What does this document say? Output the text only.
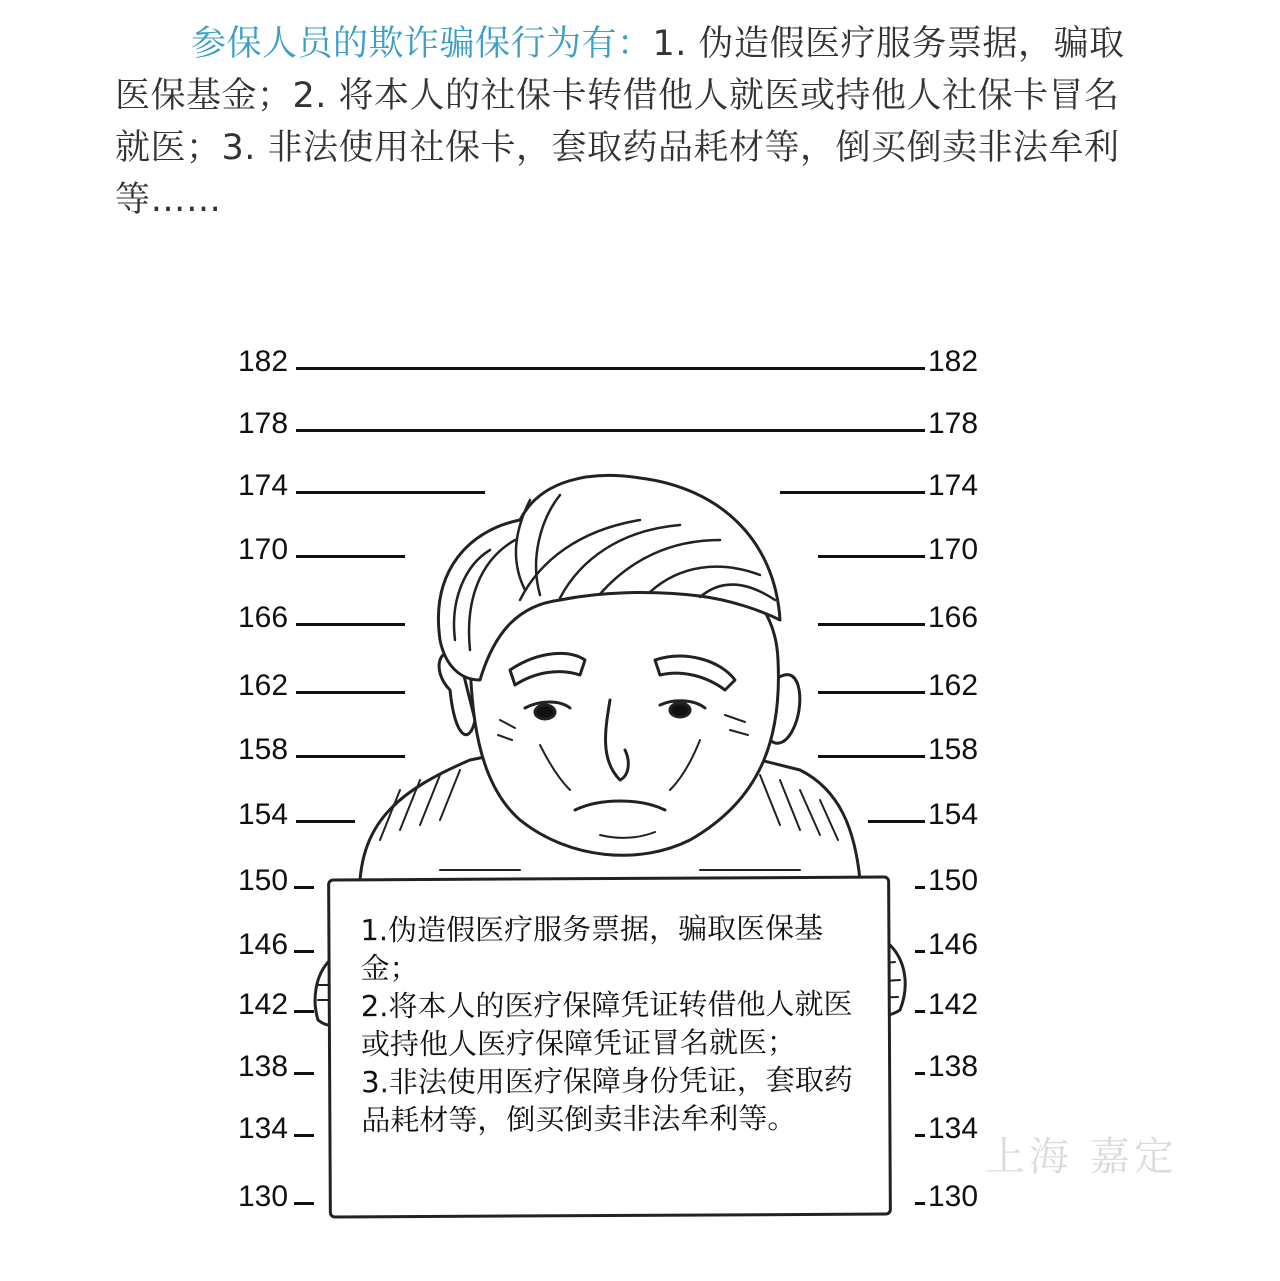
参保人员的欺诈骗保行为有：1. 伪造假医疗服务票据，骗取医保基金；2. 将本人的社保卡转借他人就医或持他人社保卡冒名就医；3. 非法使用社保卡，套取药品耗材等，倒买倒卖非法牟利等……
182	182
178	178
174	174
170	170
166	166
162	162
158	158
154	154
150	150
146	146
142	142
138	138
134	134
130	130

1.伪造假医疗服务票据，骗取医保基金；

2.将本人的医疗保障凭证转借他人就医或持他人医疗保障凭证冒名就医；

3.非法使用医疗保障身份凭证，套取药品耗材等，倒买倒卖非法牟利等。

上海 嘉定
